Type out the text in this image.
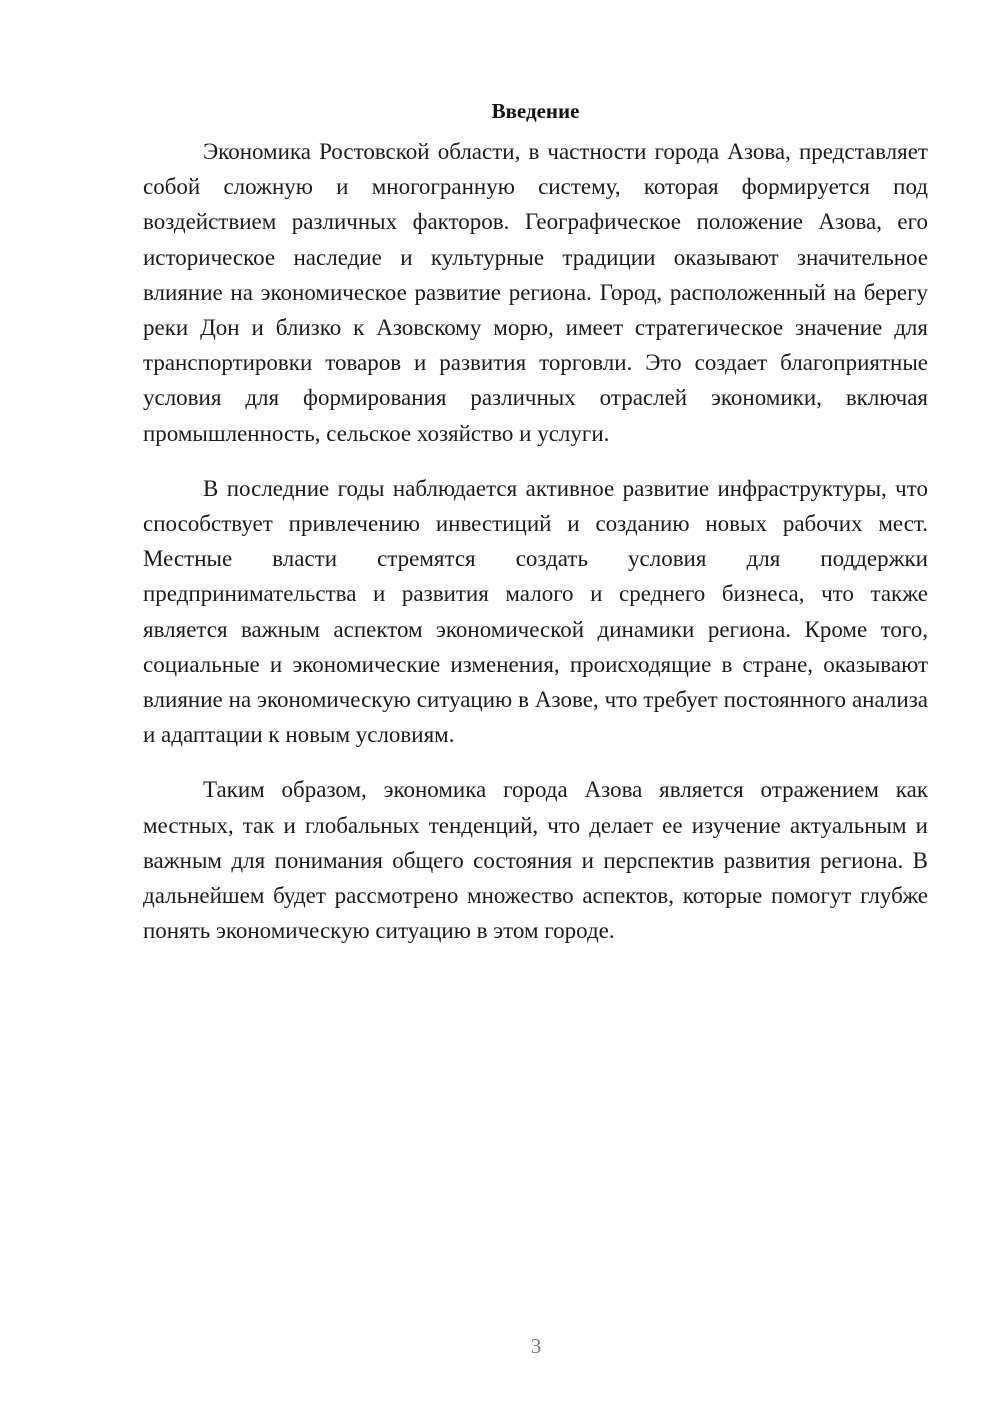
Введение

Экономика Ростовской области, в частности города Азова, представляет собой сложную и многогранную систему, которая формируется под воздействием различных факторов. Географическое положение Азова, его историческое наследие и культурные традиции оказывают значительное влияние на экономическое развитие региона. Город, расположенный на берегу реки Дон и близко к Азовскому морю, имеет стратегическое значение для транспортировки товаров и развития торговли. Это создает благоприятные условия для формирования различных отраслей экономики, включая промышленность, сельское хозяйство и услуги.

В последние годы наблюдается активное развитие инфраструктуры, что способствует привлечению инвестиций и созданию новых рабочих мест. Местные власти стремятся создать условия для поддержки предпринимательства и развития малого и среднего бизнеса, что также является важным аспектом экономической динамики региона. Кроме того, социальные и экономические изменения, происходящие в стране, оказывают влияние на экономическую ситуацию в Азове, что требует постоянного анализа и адаптации к новым условиям.

Таким образом, экономика города Азова является отражением как местных, так и глобальных тенденций, что делает ее изучение актуальным и важным для понимания общего состояния и перспектив развития региона. В дальнейшем будет рассмотрено множество аспектов, которые помогут глубже понять экономическую ситуацию в этом городе.

3
